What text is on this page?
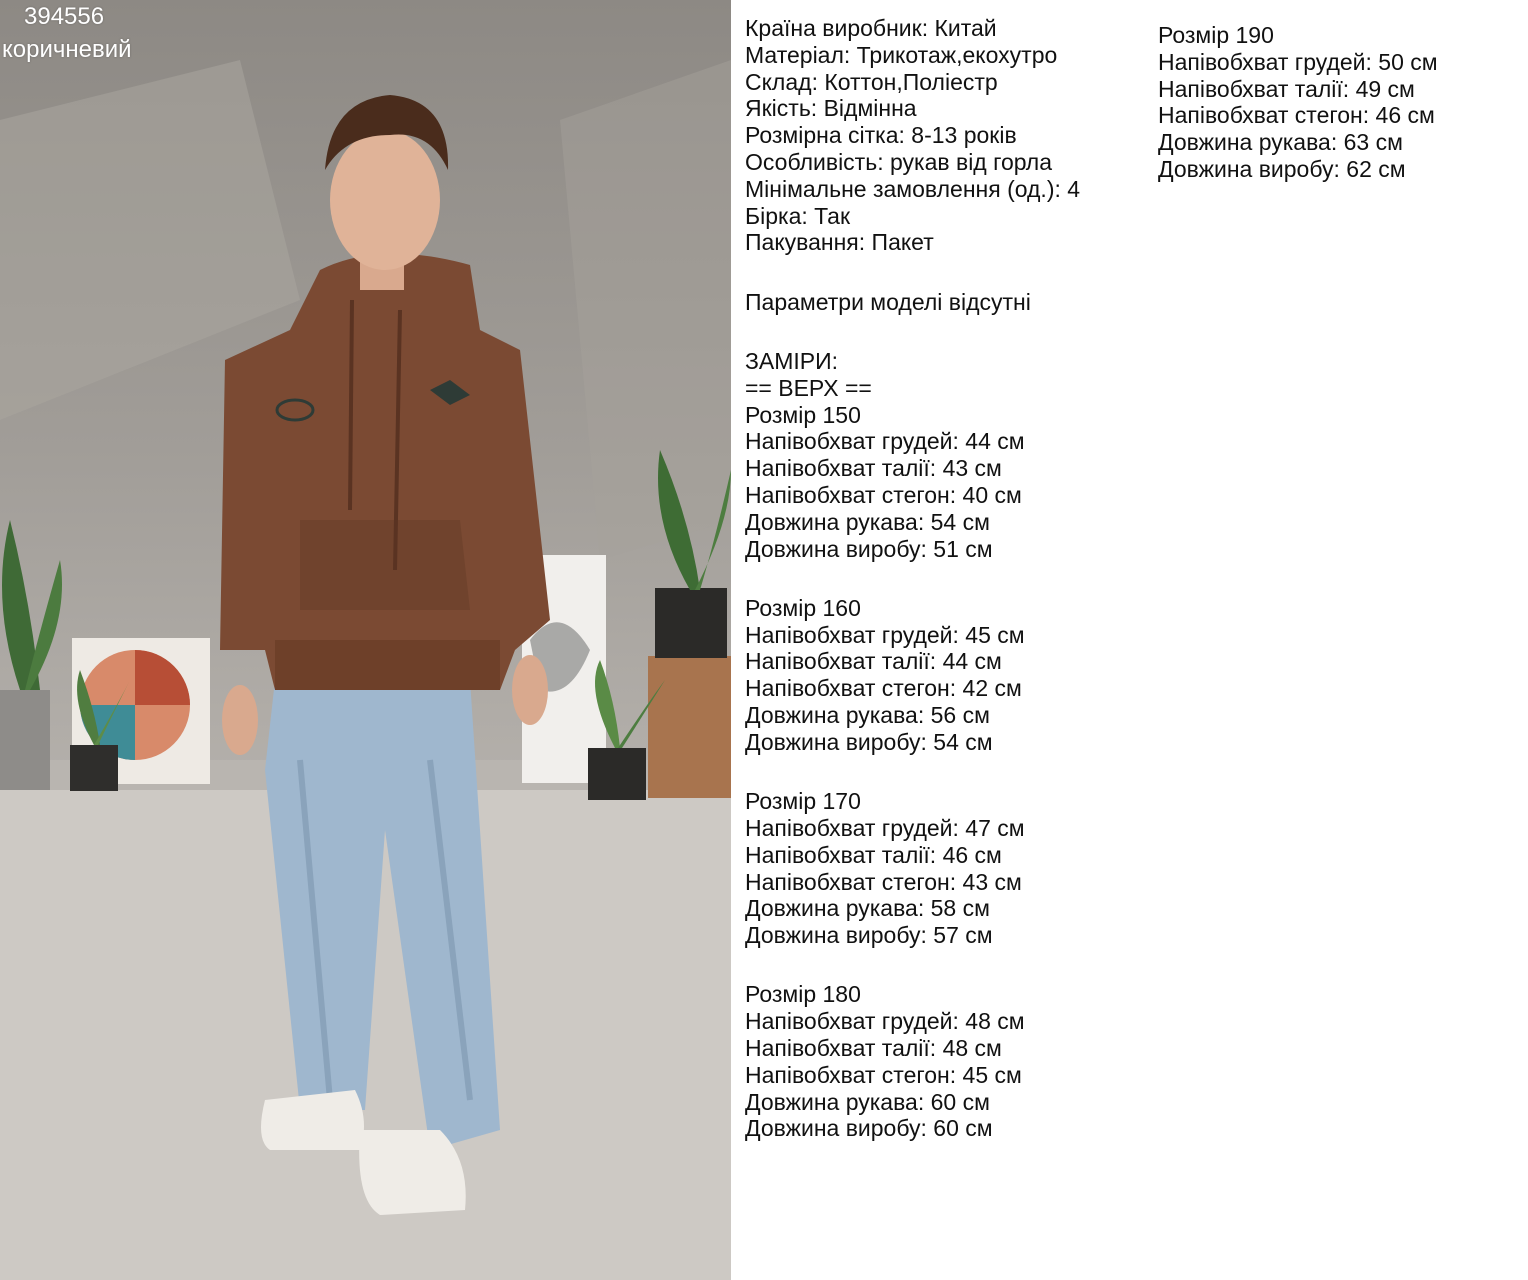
394556
коричневий
Країна виробник: Китай
Матеріал: Трикотаж,екохутро
Склад: Коттон,Поліестр
Якість: Відмінна
Розмірна сітка: 8-13 років
Особливість: рукав від горла
Мінімальне замовлення (од.): 4
Бірка: Так
Пакування: Пакет
Параметри моделі відсутні
ЗАМІРИ:
== ВЕРХ ==
Розмір 150
Напівобхват грудей: 44 см
Напівобхват талії: 43 см
Напівобхват стегон: 40 см
Довжина рукава: 54 см
Довжина виробу: 51 см
Розмір 160
Напівобхват грудей: 45 см
Напівобхват талії: 44 см
Напівобхват стегон: 42 см
Довжина рукава: 56 см
Довжина виробу: 54 см
Розмір 170
Напівобхват грудей: 47 см
Напівобхват талії: 46 см
Напівобхват стегон: 43 см
Довжина рукава: 58 см
Довжина виробу: 57 см
Розмір 180
Напівобхват грудей: 48 см
Напівобхват талії: 48 см
Напівобхват стегон: 45 см
Довжина рукава: 60 см
Довжина виробу: 60 см
Розмір 190
Напівобхват грудей: 50 см
Напівобхват талії: 49 см
Напівобхват стегон: 46 см
Довжина рукава: 63 см
Довжина виробу: 62 см
